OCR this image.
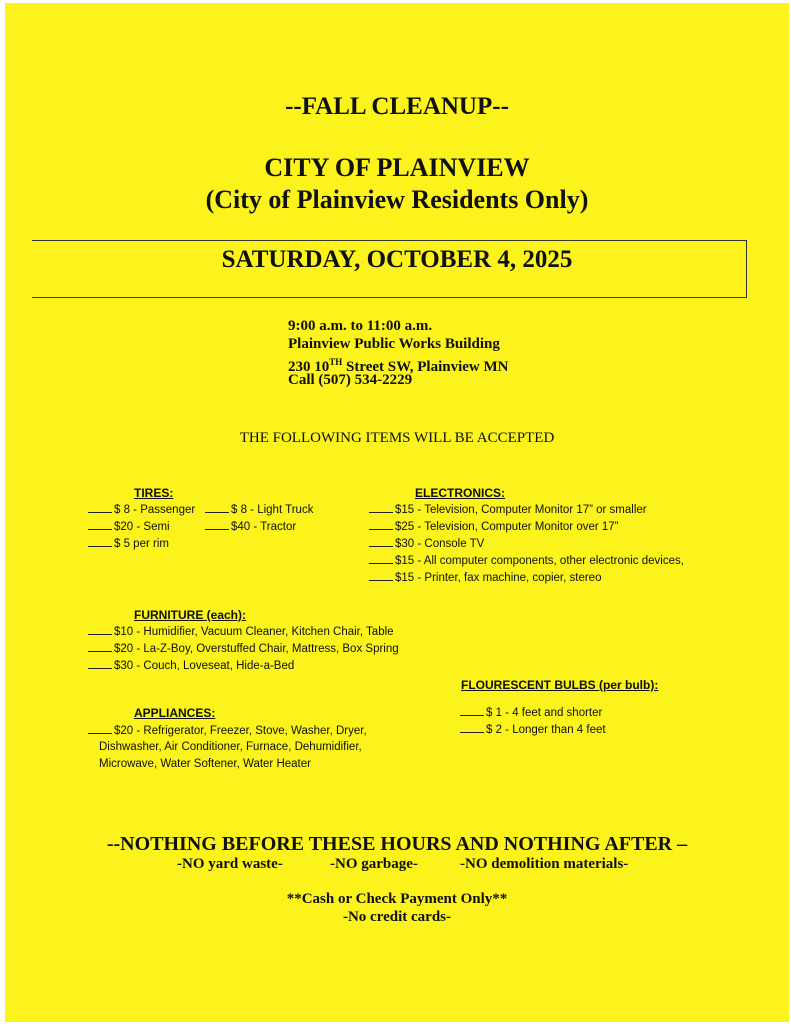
--FALL CLEANUP--
CITY OF PLAINVIEW
(City of Plainview Residents Only)
SATURDAY, OCTOBER 4, 2025
9:00 a.m. to 11:00 a.m.
Plainview Public Works Building
230 10TH Street SW, Plainview MN
Call (507) 534-2229
THE FOLLOWING ITEMS WILL BE ACCEPTED
TIRES:
$ 8 - Passenger	$ 8 - Light Truck
$20 - Semi	$40 - Tractor
$ 5 per rim
ELECTRONICS:
$15 - Television, Computer Monitor 17” or smaller
$25 - Television, Computer Monitor over 17”
$30 - Console TV
$15 - All computer components, other electronic devices,
$15 - Printer, fax machine, copier, stereo
FURNITURE (each):
$10 - Humidifier, Vacuum Cleaner, Kitchen Chair, Table
$20 - La-Z-Boy, Overstuffed Chair, Mattress, Box Spring
$30 - Couch, Loveseat, Hide-a-Bed
FLOURESCENT BULBS (per bulb):
$ 1 - 4 feet and shorter
$ 2 - Longer than 4 feet
APPLIANCES:
$20 - Refrigerator, Freezer, Stove, Washer, Dryer,
Dishwasher, Air Conditioner, Furnace, Dehumidifier,
Microwave, Water Softener, Water Heater
--NOTHING BEFORE THESE HOURS AND NOTHING AFTER –
-NO yard waste-	-NO garbage-	-NO demolition materials-
**Cash or Check Payment Only**
-No credit cards-
